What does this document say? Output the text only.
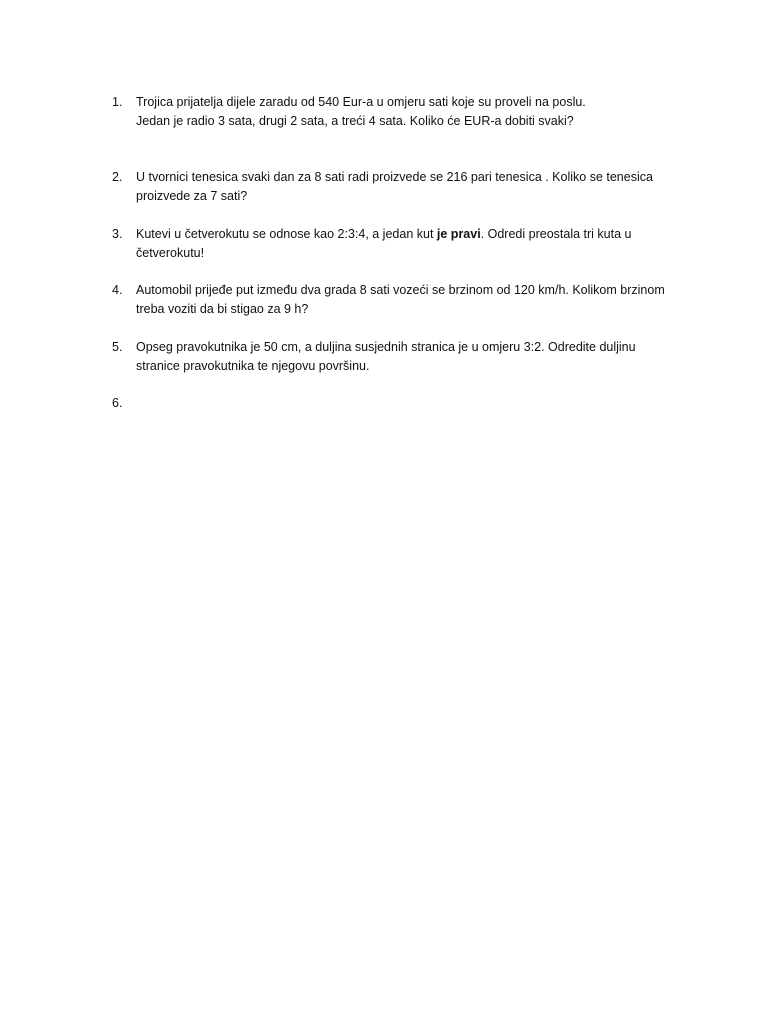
1.	Trojica prijatelja dijele zaradu od 540 Eur-a u omjeru sati koje su proveli na poslu.
Jedan je radio 3 sata, drugi 2 sata, a treći 4 sata. Koliko će EUR-a dobiti svaki?
2.	U tvornici tenesica svaki dan za 8 sati radi proizvede se 216 pari tenesica . Koliko se tenesica
proizvede za 7 sati?
3.	Kutevi u četverokutu se odnose kao 2:3:4, a jedan kut je pravi. Odredi preostala tri kuta u
četverokutu!
4.	Automobil prijeđe put između dva grada 8 sati vozeći se brzinom od 120 km/h. Kolikom brzinom
treba voziti da bi stigao za 9 h?
5.	Opseg pravokutnika je 50 cm, a duljina susjednih stranica je u omjeru 3:2. Odredite duljinu
stranice pravokutnika te njegovu površinu.
6.
